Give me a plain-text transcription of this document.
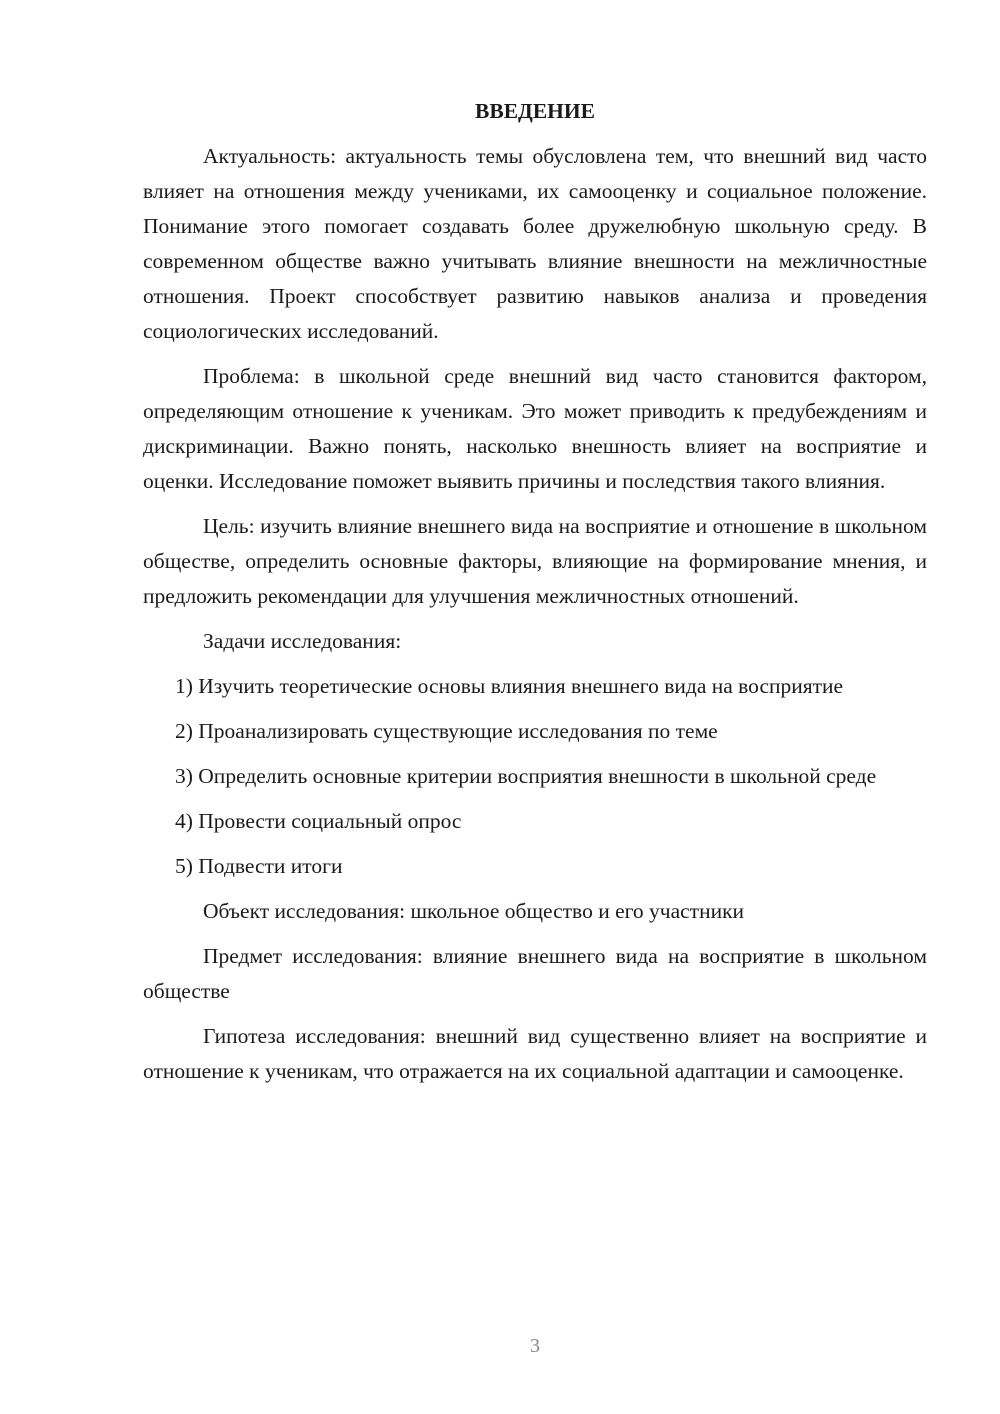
ВВЕДЕНИЕ

Актуальность: актуальность темы обусловлена тем, что внешний вид часто влияет на отношения между учениками, их самооценку и социальное положение. Понимание этого помогает создавать более дружелюбную школьную среду. В современном обществе важно учитывать влияние внешности на межличностные отношения. Проект способствует развитию навыков анализа и проведения социологических исследований.

Проблема: в школьной среде внешний вид часто становится фактором, определяющим отношение к ученикам. Это может приводить к предубеждениям и дискриминации. Важно понять, насколько внешность влияет на восприятие и оценки. Исследование поможет выявить причины и последствия такого влияния.

Цель: изучить влияние внешнего вида на восприятие и отношение в школьном обществе, определить основные факторы, влияющие на формирование мнения, и предложить рекомендации для улучшения межличностных отношений.

Задачи исследования:

1) Изучить теоретические основы влияния внешнего вида на восприятие

2) Проанализировать существующие исследования по теме

3) Определить основные критерии восприятия внешности в школьной среде

4) Провести социальный опрос

5) Подвести итоги

Объект исследования: школьное общество и его участники

Предмет исследования: влияние внешнего вида на восприятие в школьном обществе

Гипотеза исследования: внешний вид существенно влияет на восприятие и отношение к ученикам, что отражается на их социальной адаптации и самооценке.

3
